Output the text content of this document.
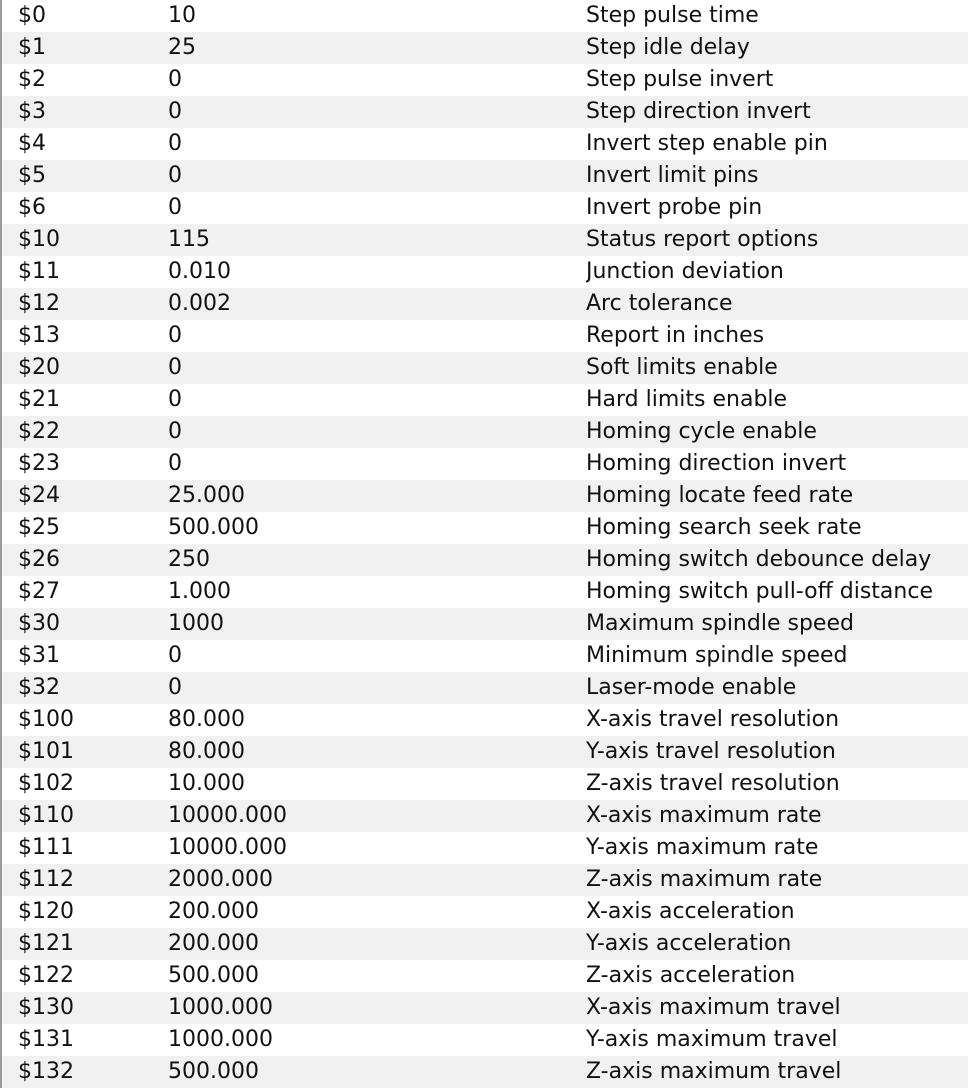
$0	10	Step pulse time
$1	25	Step idle delay
$2	0	Step pulse invert
$3	0	Step direction invert
$4	0	Invert step enable pin
$5	0	Invert limit pins
$6	0	Invert probe pin
$10	115	Status report options
$11	0.010	Junction deviation
$12	0.002	Arc tolerance
$13	0	Report in inches
$20	0	Soft limits enable
$21	0	Hard limits enable
$22	0	Homing cycle enable
$23	0	Homing direction invert
$24	25.000	Homing locate feed rate
$25	500.000	Homing search seek rate
$26	250	Homing switch debounce delay
$27	1.000	Homing switch pull-off distance
$30	1000	Maximum spindle speed
$31	0	Minimum spindle speed
$32	0	Laser-mode enable
$100	80.000	X-axis travel resolution
$101	80.000	Y-axis travel resolution
$102	10.000	Z-axis travel resolution
$110	10000.000	X-axis maximum rate
$111	10000.000	Y-axis maximum rate
$112	2000.000	Z-axis maximum rate
$120	200.000	X-axis acceleration
$121	200.000	Y-axis acceleration
$122	500.000	Z-axis acceleration
$130	1000.000	X-axis maximum travel
$131	1000.000	Y-axis maximum travel
$132	500.000	Z-axis maximum travel
